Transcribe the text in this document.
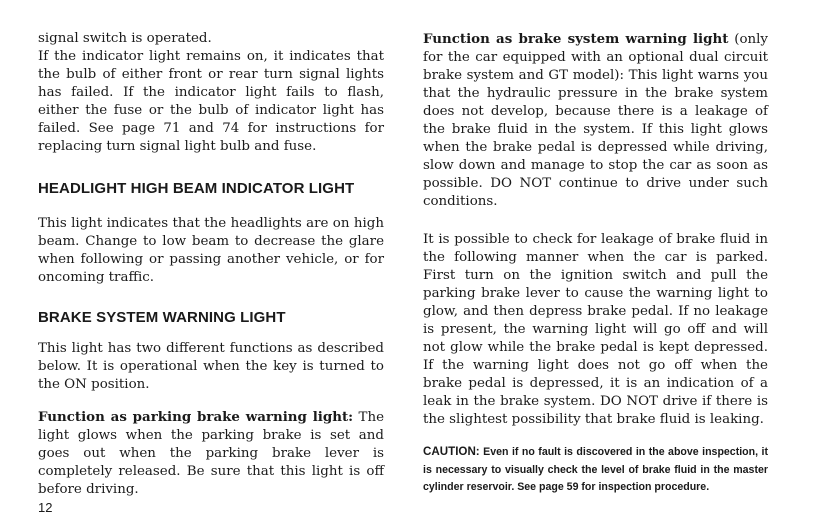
signal switch is operated.

If the indicator light remains on, it indicates that the bulb of either front or rear turn signal lights has failed. If the indicator light fails to flash, either the fuse or the bulb of indicator light has failed. See page 71 and 74 for instructions for replacing turn signal light bulb and fuse.

HEADLIGHT HIGH BEAM INDICATOR LIGHT

This light indicates that the headlights are on high beam. Change to low beam to decrease the glare when following or passing another vehicle, or for oncoming traffic.

BRAKE SYSTEM WARNING LIGHT

This light has two different functions as described below. It is operational when the key is turned to the ON position.

Function as parking brake warning light: The light glows when the parking brake is set and goes out when the parking brake lever is completely released. Be sure that this light is off before driving.

Function as brake system warning light (only for the car equipped with an optional dual circuit brake system and GT model): This light warns you that the hydraulic pressure in the brake system does not develop, because there is a leakage of the brake fluid in the system. If this light glows when the brake pedal is depressed while driving, slow down and manage to stop the car as soon as possible. DO NOT continue to drive under such conditions.

It is possible to check for leakage of brake fluid in the following manner when the car is parked. First turn on the ignition switch and pull the parking brake lever to cause the warning light to glow, and then depress brake pedal. If no leakage is present, the warning light will go off and will not glow while the brake pedal is kept depressed. If the warning light does not go off when the brake pedal is depressed, it is an indication of a leak in the brake system. DO NOT drive if there is the slightest possibility that brake fluid is leaking.

CAUTION: Even if no fault is discovered in the above inspection, it is necessary to visually check the level of brake fluid in the master cylinder reservoir. See page 59 for inspection procedure.
12
